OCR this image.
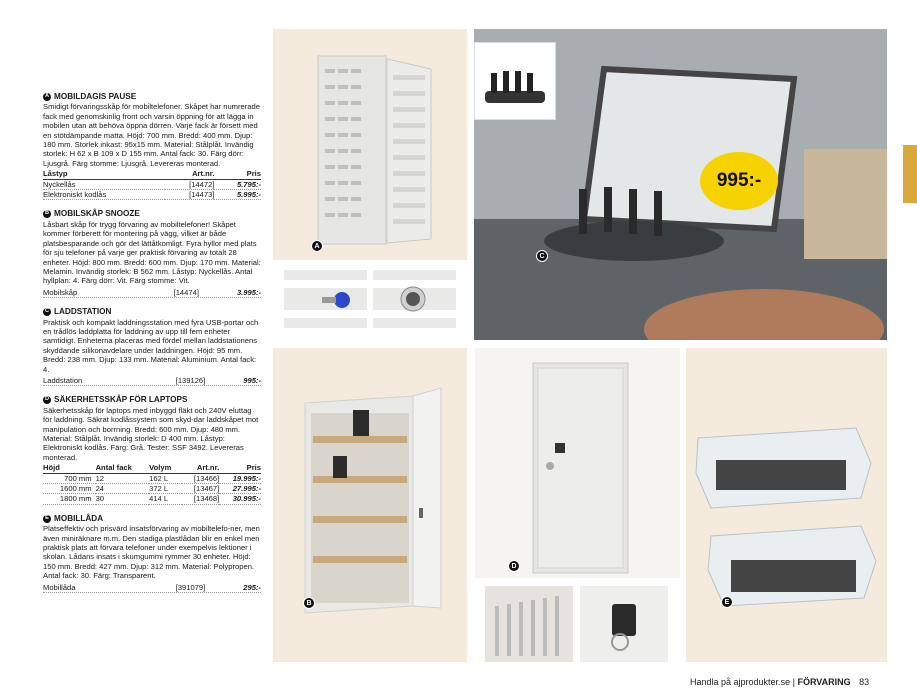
A MOBILDAGIS PAUSE
Smidigt förvaringsskåp för mobiltelefoner. Skåpet har numrerade fack med genomskinlig front och varsin öppning för att lägga in mobilen utan att behöva öppna dörren. Varje fack är försett med en stötdämpande matta. Höjd: 700 mm. Bredd: 400 mm. Djup: 180 mm. Storlek inkast: 95x15 mm. Material: Stålplåt. Invändig storlek: H 62 x B 109 x D 155 mm. Antal fack: 30. Färg dörr: Ljusgrå. Färg stomme: Ljusgrå. Levereras monterad.
Låstyp	Art.nr.	Pris
Nyckellås	[14472]	5.795:-
Elektroniskt kodlås	[14473]	5.995:-
B MOBILSKÅP SNOOZE
Låsbart skåp för trygg förvaring av mobiltelefoner! Skåpet kommer förberett för montering på vägg, vilket är både platsbesparande och gör det lättåtkomligt. Fyra hyllor med plats för sju telefoner på varje ger praktisk förvaring av totalt 28 enheter. Höjd: 800 mm. Bredd: 600 mm. Djup: 170 mm. Material: Melamin. Invändig storlek: B 562 mm. Låstyp: Nyckellås. Antal hyllplan: 4. Färg dörr: Vit. Färg stomme: Vit.
Mobilskåp	[14474]	3.995:-
C LADDSTATION
Praktisk och kompakt laddningsstation med fyra USB-portar och en trådlös laddplatta för laddning av upp till fem enheter samtidigt. Enheterna placeras med fördel mellan laddstationens skyddande silikonavdelare under laddningen. Höjd: 95 mm. Bredd: 238 mm. Djup: 133 mm. Material: Aluminium. Antal fack: 4.
Laddstation	[139126]	995:-
D SÄKERHETSSKÅP FÖR LAPTOPS
Säkerhetsskåp för laptops med inbyggd fläkt och 240V eluttag för laddning. Säkrat kodlåssystem som skyd-dar laddskåpet mot manipulation och borrning. Bredd: 600 mm. Djup: 480 mm. Material: Stålplåt. Invändig storlek: D 400 mm. Låstyp: Elektroniskt kodlås. Färg: Grå. Tester: SSF 3492. Levereras monterad.
Höjd	Antal fack	Volym	Art.nr.	Pris
700 mm	12	162 L	[13466]	19.995:-
1600 mm	24	372 L	[13467]	27.995:-
1800 mm	30	414 L	[13468]	30.995:-
E MOBILLÅDA
Platseffektiv och prisvärd insatsförvaring av mobiltelefo-ner, men även miniräknare m.m. Den stadiga plastlådan blir en enkel men praktisk plats att förvara telefoner under exempelvis lektioner i skolan. Lådans insats i skumgummi rymmer 30 enheter. Höjd: 150 mm. Bredd: 427 mm. Djup: 312 mm. Material: Polypropen. Antal fack: 30. Färg: Transparent.
Mobillåda	[391079]	295:-
A
995:-
C
B
D
E
Handla på ajprodukter.se | FÖRVARING 83
